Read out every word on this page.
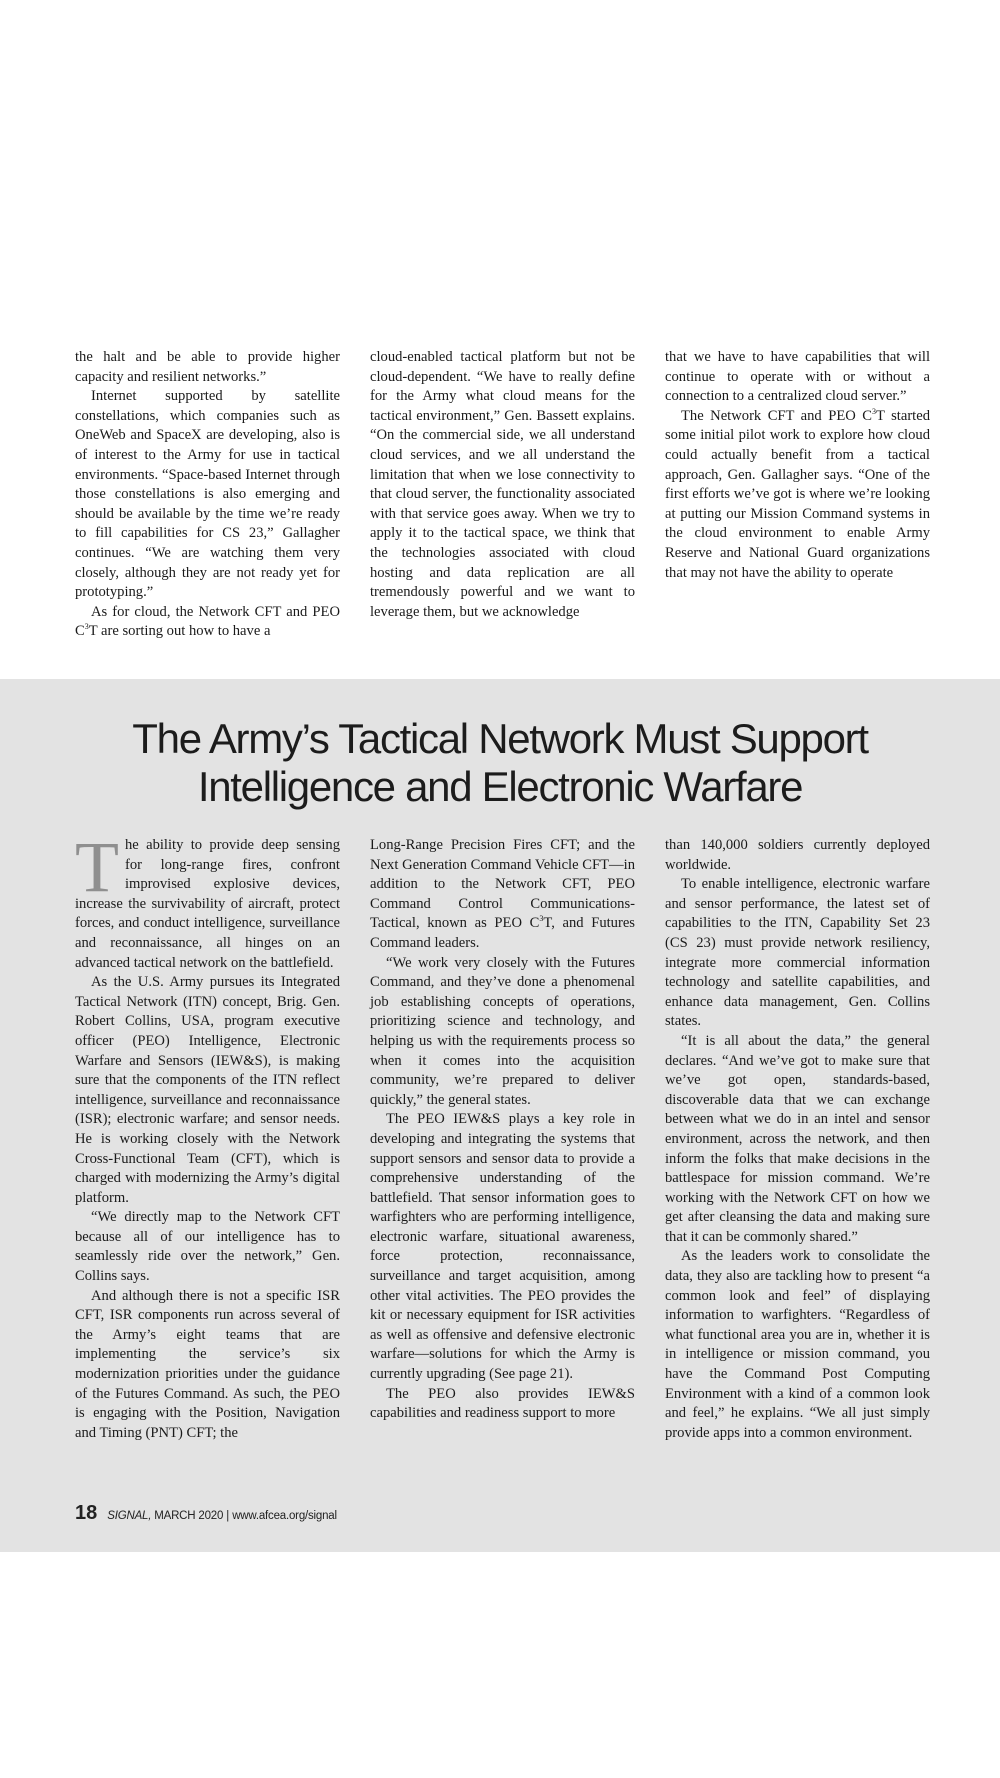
the halt and be able to provide higher capacity and resilient networks.”

Internet supported by satellite constellations, which companies such as OneWeb and SpaceX are developing, also is of interest to the Army for use in tactical environments. “Space-based Internet through those constellations is also emerging and should be available by the time we’re ready to fill capabilities for CS 23,” Gallagher continues. “We are watching them very closely, although they are not ready yet for prototyping.”

As for cloud, the Network CFT and PEO $C^3T$ are sorting out how to have a

cloud-enabled tactical platform but not be cloud-dependent. “We have to really define for the Army what cloud means for the tactical environment,” Gen. Bassett explains. “On the commercial side, we all understand cloud services, and we all understand the limitation that when we lose connectivity to that cloud server, the functionality associated with that service goes away. When we try to apply it to the tactical space, we think that the technologies associated with cloud hosting and data replication are all tremendously powerful and we want to leverage them, but we acknowledge

that we have to have capabilities that will continue to operate with or without a connection to a centralized cloud server.”

The Network CFT and PEO $C^3T$ started some initial pilot work to explore how cloud could actually benefit from a tactical approach, Gen. Gallagher says. “One of the first efforts we’ve got is where we’re looking at putting our Mission Command systems in the cloud environment to enable Army Reserve and National Guard organizations that may not have the ability to operate

The Army’s Tactical Network Must Support
Intelligence and Electronic Warfare

The ability to provide deep sensing for long-range fires, confront improvised explosive devices, increase the survivability of aircraft, protect forces, and conduct intelligence, surveillance and reconnaissance, all hinges on an advanced tactical network on the battlefield.

As the U.S. Army pursues its Integrated Tactical Network (ITN) concept, Brig. Gen. Robert Collins, USA, program executive officer (PEO) Intelligence, Electronic Warfare and Sensors (IEW&S), is making sure that the components of the ITN reflect intelligence, surveillance and reconnaissance (ISR); electronic warfare; and sensor needs. He is working closely with the Network Cross-Functional Team (CFT), which is charged with modernizing the Army’s digital platform.

“We directly map to the Network CFT because all of our intelligence has to seamlessly ride over the network,” Gen. Collins says.

And although there is not a specific ISR CFT, ISR components run across several of the Army’s eight teams that are implementing the service’s six modernization priorities under the guidance of the Futures Command. As such, the PEO is engaging with the Position, Navigation and Timing (PNT) CFT; the

Long-Range Precision Fires CFT; and the Next Generation Command Vehicle CFT—in addition to the Network CFT, PEO Command Control Communications-Tactical, known as PEO $C^3T$, and Futures Command leaders.

“We work very closely with the Futures Command, and they’ve done a phenomenal job establishing concepts of operations, prioritizing science and technology, and helping us with the requirements process so when it comes into the acquisition community, we’re prepared to deliver quickly,” the general states.

The PEO IEW&S plays a key role in developing and integrating the systems that support sensors and sensor data to provide a comprehensive understanding of the battlefield. That sensor information goes to warfighters who are performing intelligence, electronic warfare, situational awareness, force protection, reconnaissance, surveillance and target acquisition, among other vital activities. The PEO provides the kit or necessary equipment for ISR activities as well as offensive and defensive electronic warfare—solutions for which the Army is currently upgrading (See page 21).

The PEO also provides IEW&S capabilities and readiness support to more

than 140,000 soldiers currently deployed worldwide.

To enable intelligence, electronic warfare and sensor performance, the latest set of capabilities to the ITN, Capability Set 23 (CS 23) must provide network resiliency, integrate more commercial information technology and satellite capabilities, and enhance data management, Gen. Collins states.

“It is all about the data,” the general declares. “And we’ve got to make sure that we’ve got open, standards-based, discoverable data that we can exchange between what we do in an intel and sensor environment, across the network, and then inform the folks that make decisions in the battlespace for mission command. We’re working with the Network CFT on how we get after cleansing the data and making sure that it can be commonly shared.”

As the leaders work to consolidate the data, they also are tackling how to present “a common look and feel” of displaying information to warfighters. “Regardless of what functional area you are in, whether it is in intelligence or mission command, you have the Command Post Computing Environment with a kind of a common look and feel,” he explains. “We all just simply provide apps into a common environment.

18 SIGNAL, MARCH 2020 | www.afcea.org/signal
